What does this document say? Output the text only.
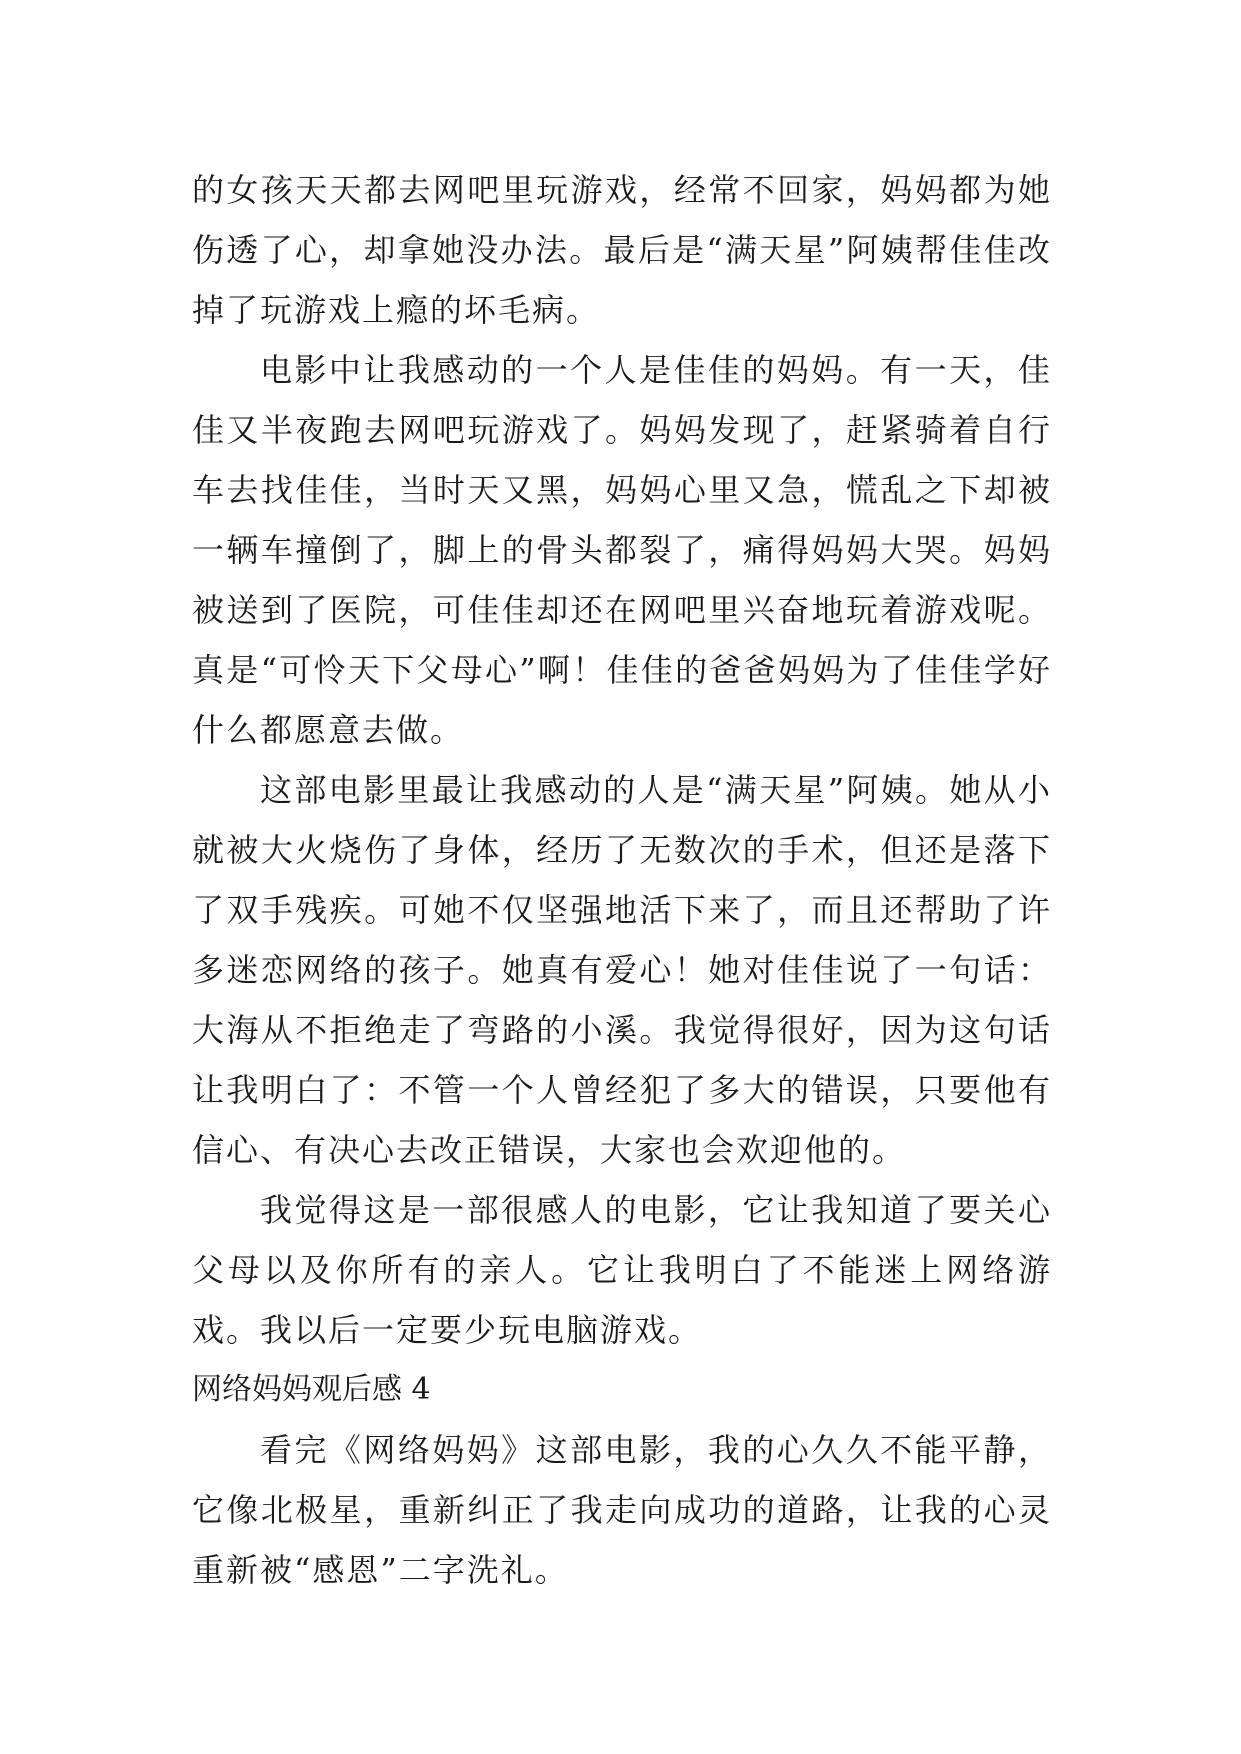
的女孩天天都去网吧里玩游戏，经常不回家，妈妈都为她伤透了心，却拿她没办法。最后是“满天星”阿姨帮佳佳改掉了玩游戏上瘾的坏毛病。

电影中让我感动的一个人是佳佳的妈妈。有一天，佳佳又半夜跑去网吧玩游戏了。妈妈发现了，赶紧骑着自行车去找佳佳，当时天又黑，妈妈心里又急，慌乱之下却被一辆车撞倒了，脚上的骨头都裂了，痛得妈妈大哭。妈妈被送到了医院，可佳佳却还在网吧里兴奋地玩着游戏呢。真是“可怜天下父母心”啊！佳佳的爸爸妈妈为了佳佳学好什么都愿意去做。

这部电影里最让我感动的人是“满天星”阿姨。她从小就被大火烧伤了身体，经历了无数次的手术，但还是落下了双手残疾。可她不仅坚强地活下来了，而且还帮助了许多迷恋网络的孩子。她真有爱心！她对佳佳说了一句话：大海从不拒绝走了弯路的小溪。我觉得很好，因为这句话让我明白了：不管一个人曾经犯了多大的错误，只要他有信心、有决心去改正错误，大家也会欢迎他的。

我觉得这是一部很感人的电影，它让我知道了要关心父母以及你所有的亲人。它让我明白了不能迷上网络游戏。我以后一定要少玩电脑游戏。

网络妈妈观后感 4

看完《网络妈妈》这部电影，我的心久久不能平静，它像北极星，重新纠正了我走向成功的道路，让我的心灵重新被“感恩”二字洗礼。
